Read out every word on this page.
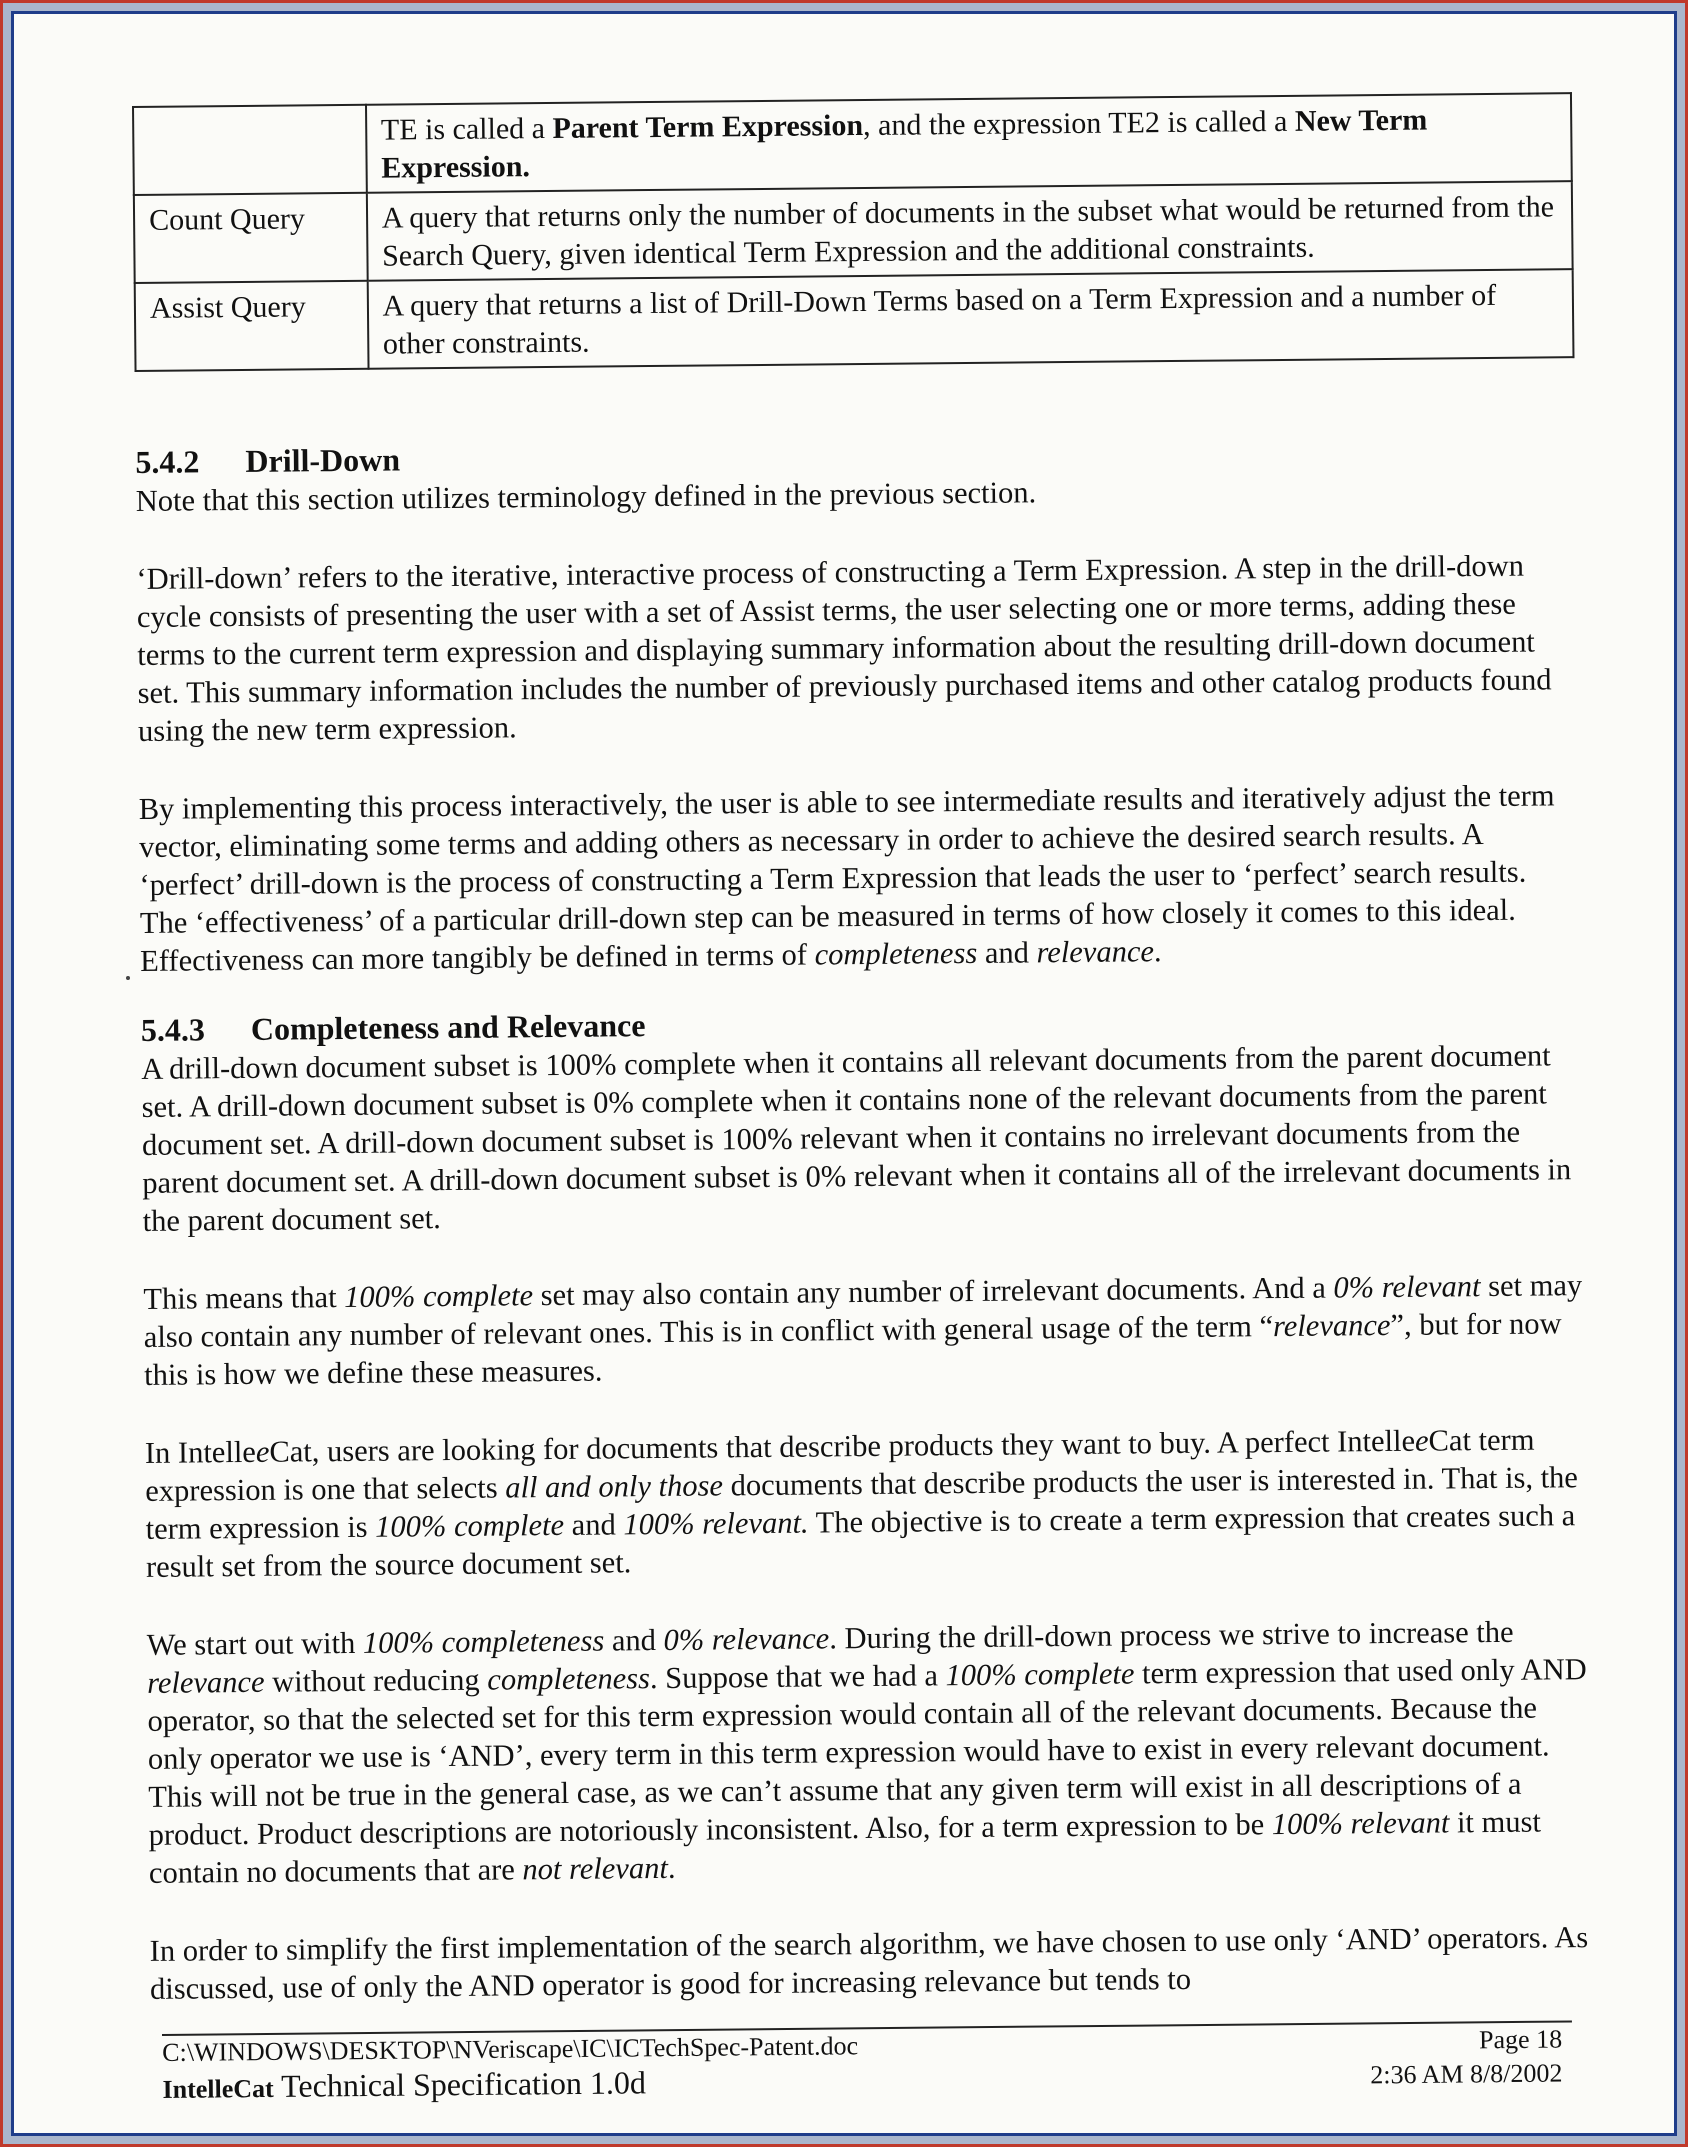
	TE is called a Parent Term Expression, and the expression TE2 is called a New Term Expression.
Count Query	A query that returns only the number of documents in the subset what would be returned from the Search Query, given identical Term Expression and the additional constraints.
Assist Query	A query that returns a list of Drill-Down Terms based on a Term Expression and a number of other constraints.
5.4.2 Drill-Down

Note that this section utilizes terminology defined in the previous section.

‘Drill-down’ refers to the iterative, interactive process of constructing a Term Expression. A step in the drill-down cycle consists of presenting the user with a set of Assist terms, the user selecting one or more terms, adding these terms to the current term expression and displaying summary information about the resulting drill-down document set. This summary information includes the number of previously purchased items and other catalog products found using the new term expression.

By implementing this process interactively, the user is able to see intermediate results and iteratively adjust the term vector, eliminating some terms and adding others as necessary in order to achieve the desired search results. A ‘perfect’ drill-down is the process of constructing a Term Expression that leads the user to ‘perfect’ search results. The ‘effectiveness’ of a particular drill-down step can be measured in terms of how closely it comes to this ideal. Effectiveness can more tangibly be defined in terms of completeness and relevance.

5.4.3 Completeness and Relevance

A drill-down document subset is 100% complete when it contains all relevant documents from the parent document set. A drill-down document subset is 0% complete when it contains none of the relevant documents from the parent document set. A drill-down document subset is 100% relevant when it contains no irrelevant documents from the parent document set. A drill-down document subset is 0% relevant when it contains all of the irrelevant documents in the parent document set.

This means that 100% complete set may also contain any number of irrelevant documents. And a 0% relevant set may also contain any number of relevant ones. This is in conflict with general usage of the term “relevance”, but for now this is how we define these measures.

In IntelleeCat, users are looking for documents that describe products they want to buy. A perfect IntelleeCat term expression is one that selects all and only those documents that describe products the user is interested in. That is, the term expression is 100% complete and 100% relevant. The objective is to create a term expression that creates such a result set from the source document set.

We start out with 100% completeness and 0% relevance. During the drill-down process we strive to increase the relevance without reducing completeness. Suppose that we had a 100% complete term expression that used only AND operator, so that the selected set for this term expression would contain all of the relevant documents. Because the only operator we use is ‘AND’, every term in this term expression would have to exist in every relevant document. This will not be true in the general case, as we can’t assume that any given term will exist in all descriptions of a product. Product descriptions are notoriously inconsistent. Also, for a term expression to be 100% relevant it must contain no documents that are not relevant.

In order to simplify the first implementation of the search algorithm, we have chosen to use only ‘AND’ operators. As discussed, use of only the AND operator is good for increasing relevance but tends to

C:\WINDOWS\DESKTOP\NVeriscape\IC\ICTechSpec-Patent.doc	Page 18
IntelleCat Technical Specification 1.0d	2:36 AM 8/8/2002
